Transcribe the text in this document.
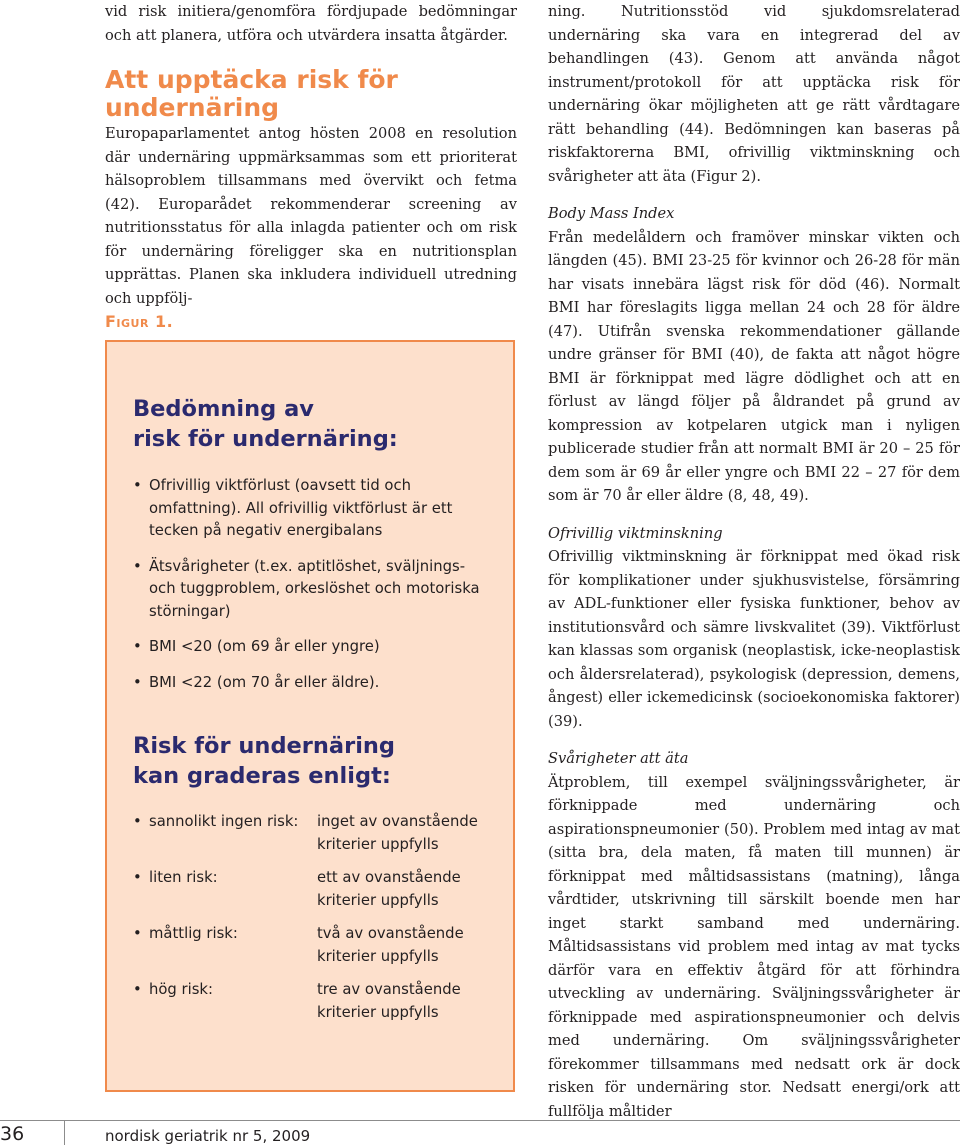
vid risk initiera/genomföra fördjupade bedömningar och att planera, utföra och utvärdera insatta åtgärder.

Att upptäcka risk för undernäring

Europaparlamentet antog hösten 2008 en resolution där undernäring uppmärksammas som ett prioriterat hälsoproblem tillsammans med övervikt och fetma (42). Europarådet rekommenderar screening av nutritionsstatus för alla inlagda patienter och om risk för undernäring föreligger ska en nutritionsplan upprättas. Planen ska inkludera individuell utredning och uppfölj-

Figur 1.

Bedömning av
risk för undernäring:
• Ofrivillig viktförlust (oavsett tid och omfattning). All ofrivillig viktförlust är ett tecken på negativ energibalans
• Ätsvårigheter (t.ex. aptitlöshet, sväljnings- och tuggproblem, orkeslöshet och motoriska störningar)
• BMI <20 (om 69 år eller yngre)
• BMI <22 (om 70 år eller äldre).
Risk för undernäring
kan graderas enligt:
• sannolikt ingen risk: inget av ovanstående kriterier uppfylls
• liten risk:	ett av ovanstående kriterier uppfylls
• måttlig risk:	två av ovanstående kriterier uppfylls
• hög risk:	tre av ovanstående kriterier uppfylls

ning. Nutritionsstöd vid sjukdomsrelaterad undernäring ska vara en integrerad del av behandlingen (43). Genom att använda något instrument/protokoll för att upptäcka risk för undernäring ökar möjligheten att ge rätt vårdtagare rätt behandling (44). Bedömningen kan baseras på riskfaktorerna BMI, ofrivillig viktminskning och svårigheter att äta (Figur 2).

Body Mass Index

Från medelåldern och framöver minskar vikten och längden (45). BMI 23-25 för kvinnor och 26-28 för män har visats innebära lägst risk för död (46). Normalt BMI har föreslagits ligga mellan 24 och 28 för äldre (47). Utifrån svenska rekommendationer gällande undre gränser för BMI (40), de fakta att något högre BMI är förknippat med lägre dödlighet och att en förlust av längd följer på åldrandet på grund av kompression av kotpelaren utgick man i nyligen publicerade studier från att normalt BMI är 20 – 25 för dem som är 69 år eller yngre och BMI 22 – 27 för dem som är 70 år eller äldre (8, 48, 49).

Ofrivillig viktminskning

Ofrivillig viktminskning är förknippat med ökad risk för komplikationer under sjukhusvistelse, försämring av ADL-funktioner eller fysiska funktioner, behov av institutionsvård och sämre livskvalitet (39). Viktförlust kan klassas som organisk (neoplastisk, icke-neoplastisk och åldersrelaterad), psykologisk (depression, demens, ångest) eller ickemedicinsk (socioekonomiska faktorer) (39).

Svårigheter att äta

Ätproblem, till exempel sväljningssvårigheter, är förknippade med undernäring och aspirationspneumonier (50). Problem med intag av mat (sitta bra, dela maten, få maten till munnen) är förknippat med måltidsassistans (matning), långa vårdtider, utskrivning till särskilt boende men har inget starkt samband med undernäring. Måltidsassistans vid problem med intag av mat tycks därför vara en effektiv åtgärd för att förhindra utveckling av undernäring. Sväljningssvårigheter är förknippade med aspirationspneumonier och delvis med undernäring. Om sväljningssvårigheter förekommer tillsammans med nedsatt ork är dock risken för undernäring stor. Nedsatt energi/ork att fullfölja måltider

36	nordisk geriatrik nr 5, 2009
